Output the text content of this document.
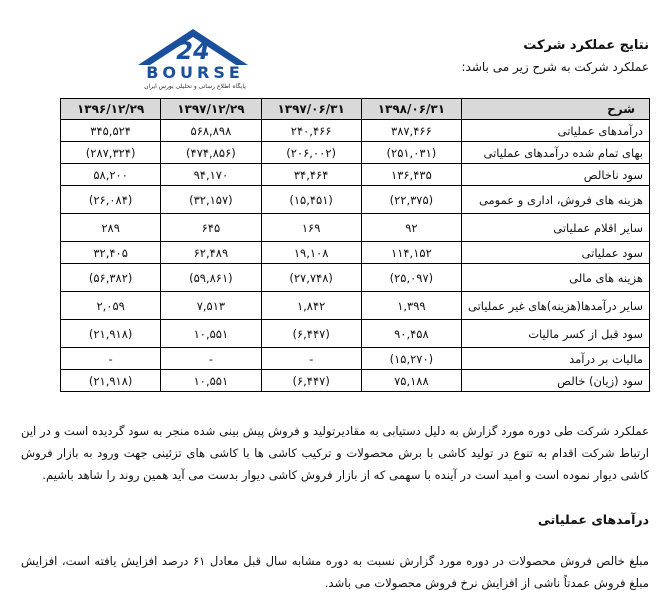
24
BOURSE
پایگاه اطلاع رسانی و تحلیلی بورس ایران
نتایج عملکرد شرکت
عملکرد شرکت به شرح زیر می باشد:
شرح	۱۳۹۸/۰۶/۳۱	۱۳۹۷/۰۶/۳۱	۱۳۹۷/۱۲/۲۹	۱۳۹۶/۱۲/۲۹
درآمدهای عملیاتی	۳۸۷,۴۶۶	۲۴۰,۴۶۶	۵۶۸,۸۹۸	۳۴۵,۵۲۴
بهای تمام شده درآمدهای عملیاتی	(۲۵۱,۰۳۱)	(۲۰۶,۰۰۲)	(۴۷۴,۸۵۶)	(۲۸۷,۳۲۴)
سود ناخالص	۱۳۶,۴۳۵	۳۴,۴۶۴	۹۴,۱۷۰	۵۸,۲۰۰
هزینه های فروش، اداری و عمومی	(۲۲,۳۷۵)	(۱۵,۴۵۱)	(۳۲,۱۵۷)	(۲۶,۰۸۴)
سایر اقلام عملیاتی	۹۲	۱۶۹	۶۴۵	۲۸۹
سود عملیاتی	۱۱۴,۱۵۲	۱۹,۱۰۸	۶۲,۴۸۹	۳۲,۴۰۵
هزینه های مالی	(۲۵,۰۹۷)	(۲۷,۷۴۸)	(۵۹,۸۶۱)	(۵۶,۳۸۲)
سایر درآمدها(هزینه)های غیر عملیاتی	۱,۳۹۹	۱,۸۴۲	۷,۵۱۳	۲,۰۵۹
سود قبل از کسر مالیات	۹۰,۴۵۸	(۶,۴۴۷)	۱۰,۵۵۱	(۲۱,۹۱۸)
مالیات بر درآمد	(۱۵,۲۷۰)	-	-	-
سود (زیان) خالص	۷۵,۱۸۸	(۶,۴۴۷)	۱۰,۵۵۱	(۲۱,۹۱۸)

عملکرد شرکت طی دوره مورد گزارش به دلیل دستیابی به مقادیرتولید و فروش پیش بینی شده منجر به سود گردیده است و در این ارتباط شرکت اقدام به تنوع در تولید کاشی با برش محصولات و ترکیب کاشی ها با کاشی های تزئینی جهت ورود به بازار فروش کاشی دیوار نموده است و امید است در آینده با سهمی که از بازار فروش کاشی دیوار بدست می آید همین روند را شاهد باشیم.

درآمدهای عملیاتی

مبلغ خالص فروش محصولات در دوره مورد گزارش نسبت به دوره مشابه سال قبل معادل ۶۱ درصد افزایش یافته است، افزایش مبلغ فروش عمدتاً ناشی از افزایش نرخ فروش محصولات می باشد.
